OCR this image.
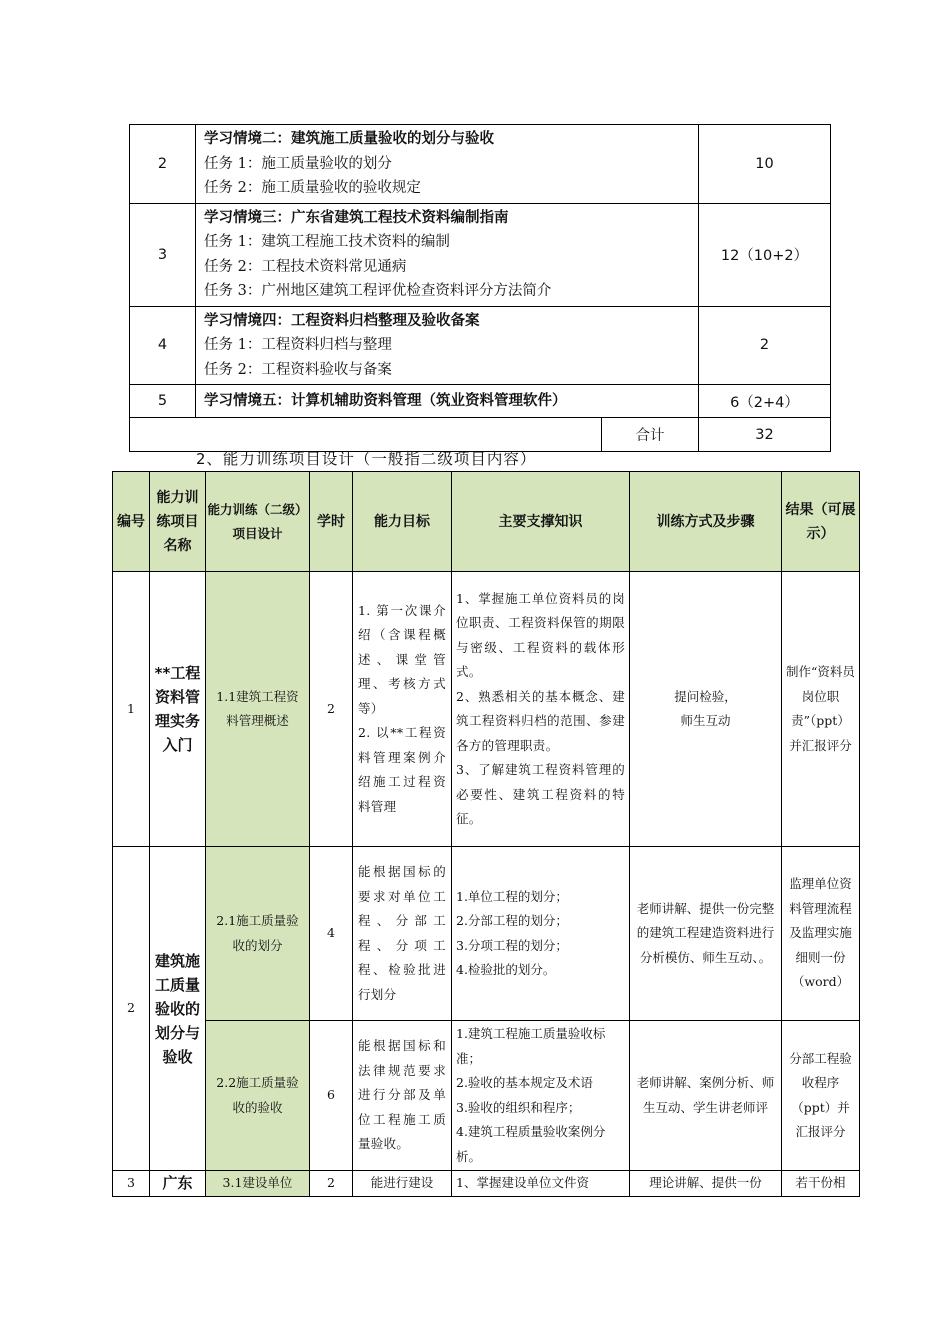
2	学习情境二：建筑施工质量验收的划分与验收
任务 1：施工质量验收的划分
任务 2：施工质量验收的验收规定		10
3	学习情境三：广东省建筑工程技术资料编制指南
任务 1：建筑工程施工技术资料的编制
任务 2：工程技术资料常见通病
任务 3：广州地区建筑工程评优检查资料评分方法简介		12（10+2）
4	学习情境四：工程资料归档整理及验收备案
任务 1：工程资料归档与整理
任务 2：工程资料验收与备案		2
5	学习情境五：计算机辅助资料管理（筑业资料管理软件）		6（2+4）
		合计	32
2、能力训练项目设计（一般指二级项目内容）
编号	能力训练项目名称	能力训练（二级）项目设计	学时	能力目标	主要支撑知识	训练方式及步骤	结果（可展示）
1	**工程资料管理实务入门	1.1建筑工程资料管理概述	2	1. 第一次课介绍（含课程概述、课堂管理、考核方式等）
2. 以**工程资料管理案例介绍施工过程资料管理	1、掌握施工单位资料员的岗位职责、工程资料保管的期限与密级、工程资料的载体形式。
2、熟悉相关的基本概念、建筑工程资料归档的范围、参建各方的管理职责。
3、了解建筑工程资料管理的必要性、建筑工程资料的特征。	提问检验，
师生互动	制作“资料员岗位职责”（ppt）并汇报评分
2	建筑施工质量验收的划分与验收	2.1施工质量验收的划分	4	能根据国标的要求对单位工程、分部工程、分项工程、检验批进行划分	1.单位工程的划分；
2.分部工程的划分；
3.分项工程的划分；
4.检验批的划分。	老师讲解、提供一份完整的建筑工程建造资料进行分析模仿、师生互动、。	监理单位资料管理流程及监理实施细则一份（word）
		2.2施工质量验收的验收	6	能根据国标和法律规范要求进行分部及单位工程施工质量验收。	1.建筑工程施工质量验收标准；
2.验收的基本规定及术语
3.验收的组织和程序；
4.建筑工程质量验收案例分析。	老师讲解、案例分析、师生互动、学生讲老师评	分部工程验收程序（ppt）并汇报评分
3	广东	3.1建设单位	2	能进行建设	1、掌握建设单位文件资	理论讲解、提供一份	若干份相
